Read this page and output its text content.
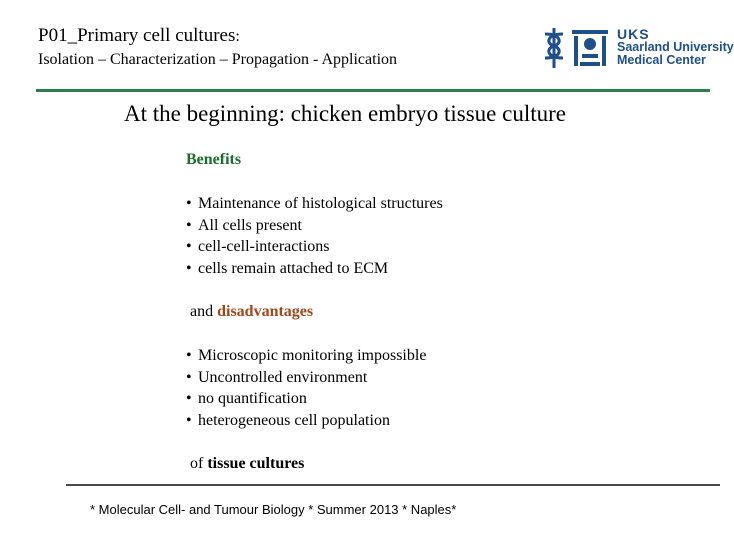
P01_Primary cell cultures:
Isolation – Characterization – Propagation - Application
UKS
Saarland University
Medical Center
At the beginning: chicken embryo tissue culture
Benefits
• Maintenance of histological structures
• All cells present
• cell-cell-interactions
• cells remain attached to ECM
and disadvantages
• Microscopic monitoring impossible
• Uncontrolled environment
• no quantification
• heterogeneous cell population
of tissue cultures
* Molecular Cell- and Tumour Biology * Summer 2013 * Naples*
